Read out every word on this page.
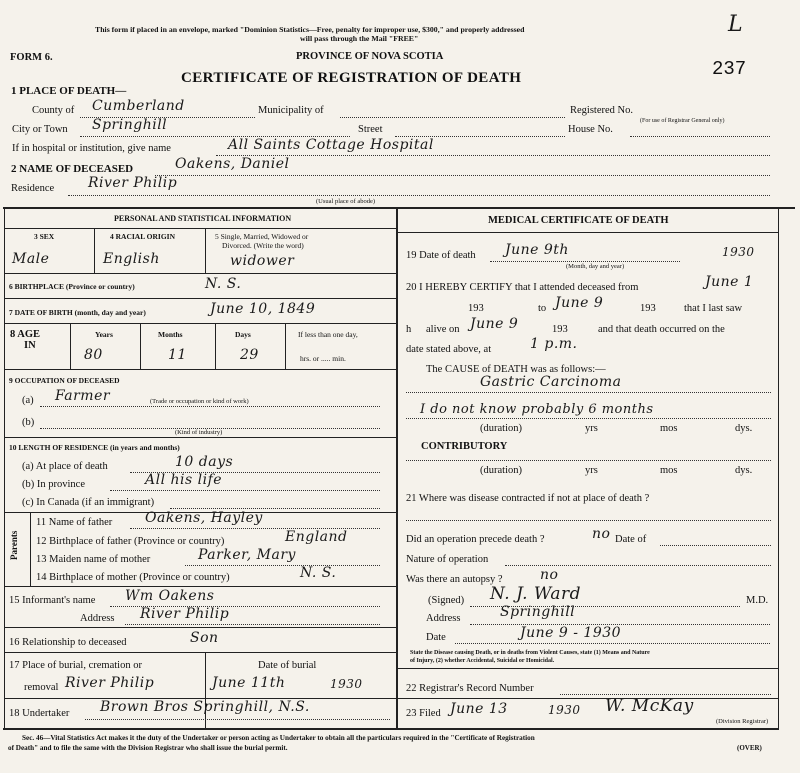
This form if placed in an envelope, marked "Dominion Statistics—Free, penalty for improper use, $300," and properly addressed
will pass through the Mail "FREE"
L
FORM 6.	PROVINCE OF NOVA SCOTIA
CERTIFICATE OF REGISTRATION OF DEATH	237
1 PLACE OF DEATH—
County of Cumberland	Municipality of	Registered No.
(For use of Registrar General only)
City or Town Springhill	Street	House No.
If in hospital or institution, give name	All Saints Cottage Hospital
2 NAME OF DECEASED	Oakens, Daniel
Residence River Philip
(Usual place of abode)
PERSONAL AND STATISTICAL INFORMATION
3 SEX
Male
4 RACIAL ORIGIN
English
5 Single, Married, Widowed or
Divorced. (Write the word)
widower
6 BIRTHPLACE (Province or country)	N. S.
7 DATE OF BIRTH (month, day and year)	June 10, 1849
8 AGE
IN
Years	Months	Days	If less than one day,
hrs. or ..... min.
80	11	29
9 OCCUPATION OF DECEASED
(a) Farmer	(Trade or occupation or kind of work)
(b)
(Kind of industry)
10 LENGTH OF RESIDENCE (in years and months)
(a) At place of death	10 days
(b) In province	All his life
(c) In Canada (if an immigrant)
Parents
11 Name of father Oakens, Hayley
12 Birthplace of father (Province or country)	England
13 Maiden name of mother	Parker, Mary
14 Birthplace of mother (Province or country)	N. S.
15 Informant's name Wm Oakens
Address River Philip
16 Relationship to deceased	Son
17 Place of burial, cremation or
removal River Philip
Date of burial
June 11th	1930
18 Undertaker Brown Bros Springhill, N.S.
MEDICAL CERTIFICATE OF DEATH
19 Date of death June 9th	1930
(Month, day and year)
20 I HEREBY CERTIFY that I attended deceased from	June 1
193	to June 9	193	that I last saw
h alive on June 9	193	and that death occurred on the
date stated above, at	1 p.m.
The CAUSE of DEATH was as follows:—
Gastric Carcinoma
I do not know probably 6 months
(duration)	yrs	mos	dys.
CONTRIBUTORY
(duration)	yrs	mos	dys.
21 Where was disease contracted if not at place of death ?
Did an operation precede death ?	no Date of
Nature of operation
Was there an autopsy ?	no
(Signed) N. J. Ward	M.D.
Address	Springhill
Date	June 9 - 1930
State the Disease causing Death, or in deaths from Violent Causes, state (1) Means and Nature
of Injury, (2) whether Accidental, Suicidal or Homicidal.
22 Registrar's Record Number
23 Filed June 13	1930 W. McKay
(Division Registrar)
Sec. 46—Vital Statistics Act makes it the duty of the Undertaker or person acting as Undertaker to obtain all the particulars required in the "Certificate of Registration
of Death" and to file the same with the Division Registrar who shall issue the burial permit.	(OVER)
